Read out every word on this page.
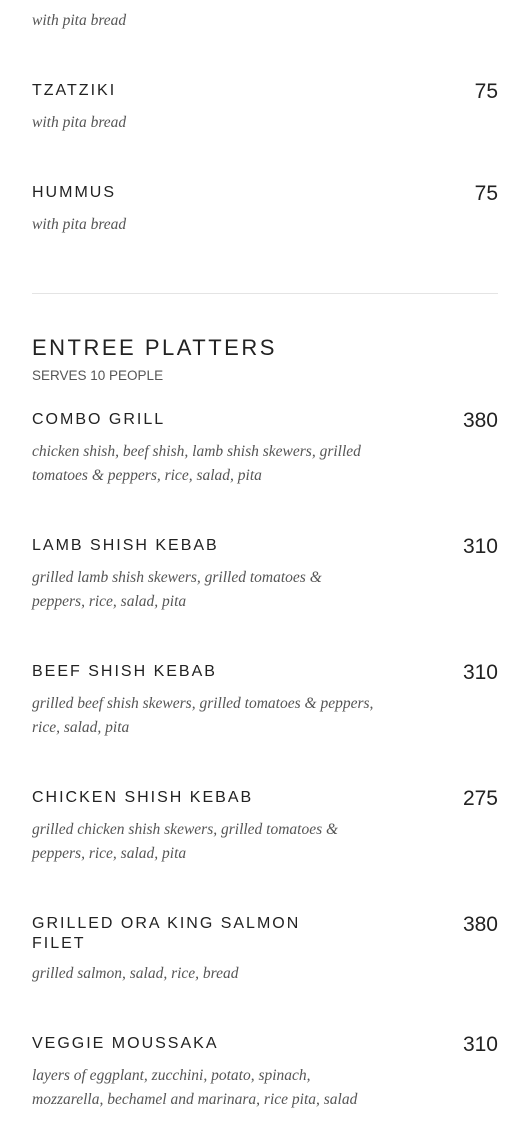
with pita bread
TZATZIKI	75
with pita bread
HUMMUS	75
with pita bread
ENTREE PLATTERS
SERVES 10 PEOPLE
COMBO GRILL	380
chicken shish, beef shish, lamb shish skewers, grilled tomatoes & peppers, rice, salad, pita
LAMB SHISH KEBAB	310
grilled lamb shish skewers, grilled tomatoes & peppers, rice, salad, pita
BEEF SHISH KEBAB	310
grilled beef shish skewers, grilled tomatoes & peppers, rice, salad, pita
CHICKEN SHISH KEBAB	275
grilled chicken shish skewers, grilled tomatoes & peppers, rice, salad, pita
GRILLED ORA KING SALMON FILET
380
grilled salmon, salad, rice, bread
VEGGIE MOUSSAKA	310
layers of eggplant, zucchini, potato, spinach, mozzarella, bechamel and marinara, rice pita, salad
